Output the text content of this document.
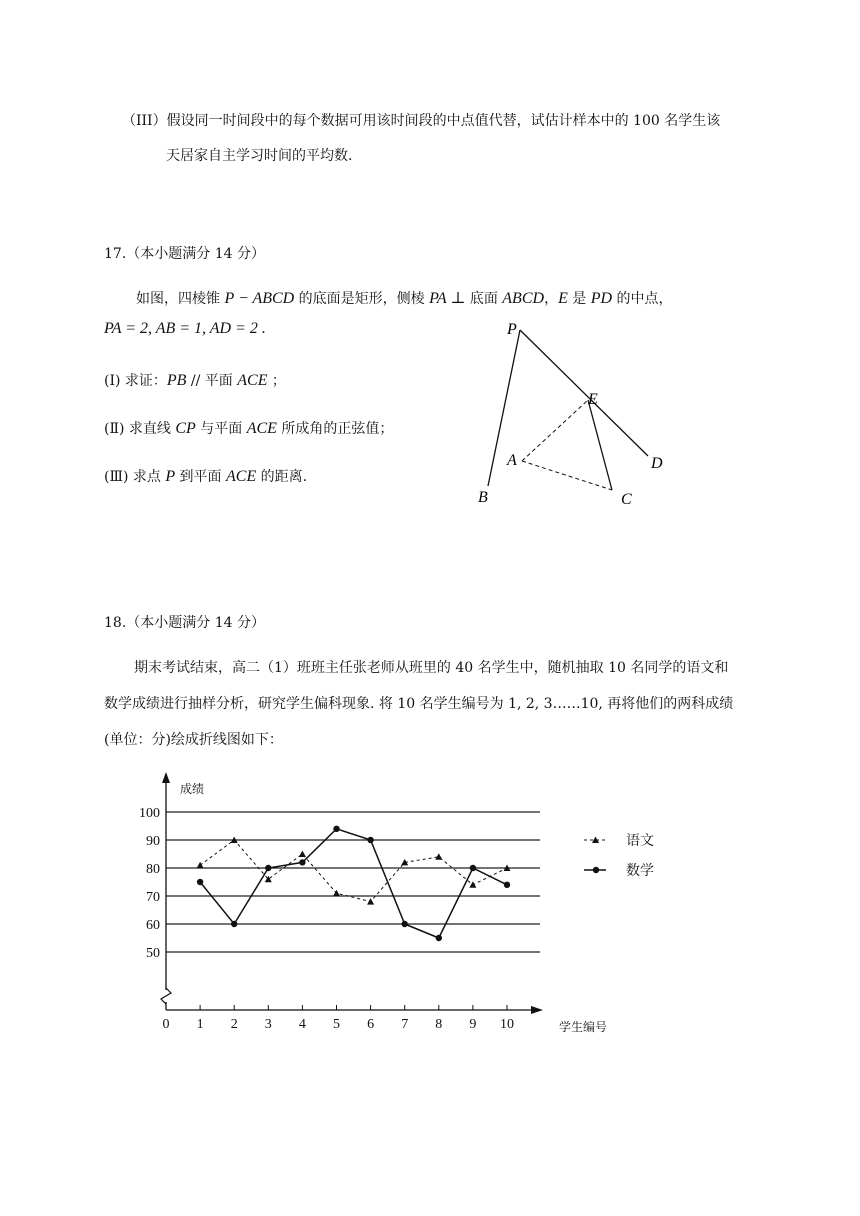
（III）假设同一时间段中的每个数据可用该时间段的中点值代替，试估计样本中的 100 名学生该
天居家自主学习时间的平均数.
17.（本小题满分 14 分）
如图，四棱锥 P − ABCD 的底面是矩形，侧棱 PA ⊥ 底面 ABCD，E 是 PD 的中点，
PA = 2, AB = 1, AD = 2 .
(Ⅰ) 求证：PB // 平面 ACE ；
(Ⅱ) 求直线 CP 与平面 ACE 所成角的正弦值；
(Ⅲ) 求点 P 到平面 ACE 的距离.
P
E
A	D
B	C
18.（本小题满分 14 分）
期末考试结束，高二（1）班班主任张老师从班里的 40 名学生中，随机抽取 10 名同学的语文和
数学成绩进行抽样分析，研究学生偏科现象. 将 10 名学生编号为 1, 2, 3……10, 再将他们的两科成绩
(单位：分)绘成折线图如下：
100
90
80
70
60
50
0 1 2 3 4 5 6 7 8 9 10
成绩
学生编号
语文
数学
